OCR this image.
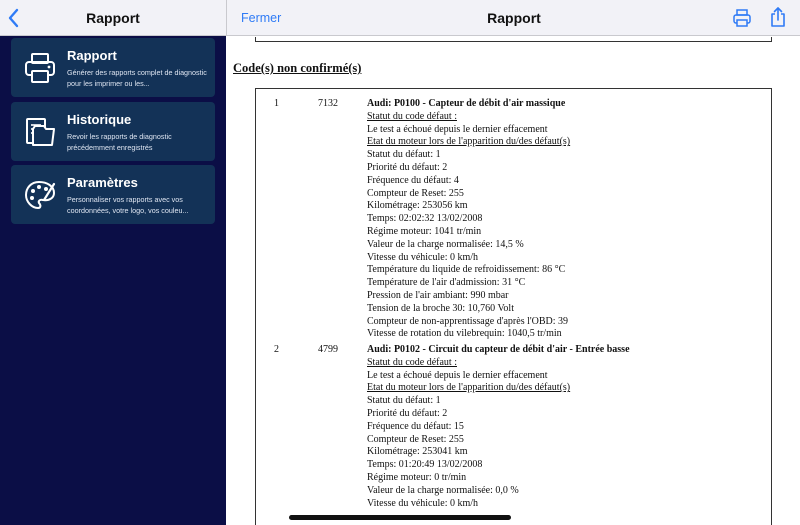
Rapport
Rapport
Générer des rapports complet de diagnostic pour les imprimer ou les...
Historique
Revoir les rapports de diagnostic précédemment enregistrés
Paramètres
Personnaliser vos rapports avec vos coordonnées, votre logo, vos couleu...
Fermer	Rapport
Code(s) non confirmé(s)
1	7132	Audi: P0100 - Capteur de débit d'air massique
Statut du code défaut :
Le test a échoué depuis le dernier effacement
Etat du moteur lors de l'apparition du/des défaut(s)
Statut du défaut: 1
Priorité du défaut: 2
Fréquence du défaut: 4
Compteur de Reset: 255
Kilométrage: 253056 km
Temps: 02:02:32 13/02/2008
Régime moteur: 1041 tr/min
Valeur de la charge normalisée: 14,5 %
Vitesse du véhicule: 0 km/h
Température du liquide de refroidissement: 86 °C
Température de l'air d'admission: 31 °C
Pression de l'air ambiant: 990 mbar
Tension de la broche 30: 10,760 Volt
Compteur de non-apprentissage d'après l'OBD: 39
Vitesse de rotation du vilebrequin: 1040,5 tr/min
2	4799	Audi: P0102 - Circuit du capteur de débit d'air - Entrée basse
Statut du code défaut :
Le test a échoué depuis le dernier effacement
Etat du moteur lors de l'apparition du/des défaut(s)
Statut du défaut: 1
Priorité du défaut: 2
Fréquence du défaut: 15
Compteur de Reset: 255
Kilométrage: 253041 km
Temps: 01:20:49 13/02/2008
Régime moteur: 0 tr/min
Valeur de la charge normalisée: 0,0 %
Vitesse du véhicule: 0 km/h
